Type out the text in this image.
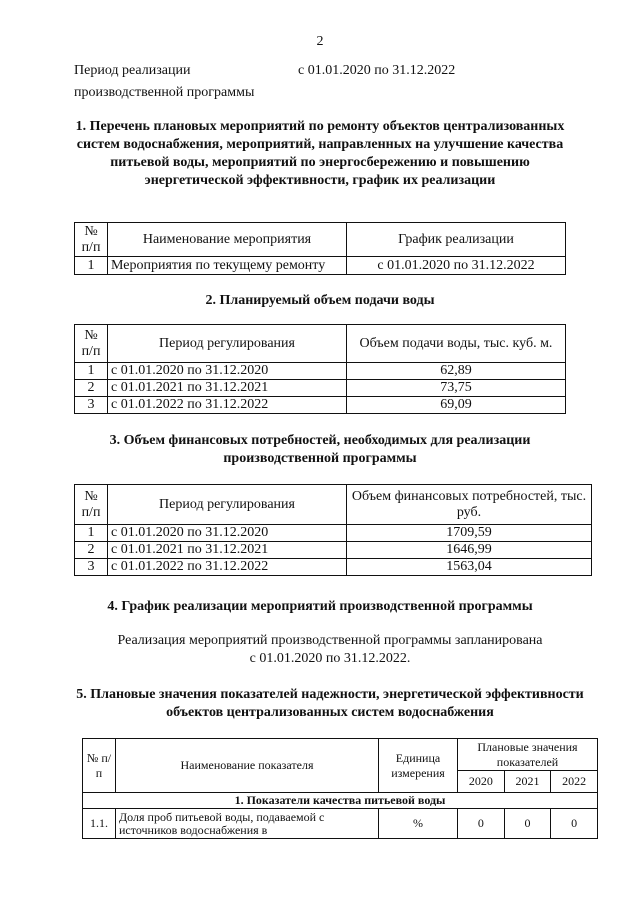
2
Период реализации производственной программы
с 01.01.2020 по 31.12.2022
1. Перечень плановых мероприятий по ремонту объектов централизованных систем водоснабжения, мероприятий, направленных на улучшение качества питьевой воды, мероприятий по энергосбережению и повышению энергетической эффективности, график их реализации
№ п/п	Наименование мероприятия	График реализации
1	Мероприятия по текущему ремонту	с 01.01.2020 по 31.12.2022
2. Планируемый объем подачи воды
№ п/п	Период регулирования	Объем подачи воды, тыс. куб. м.
1	с 01.01.2020 по 31.12.2020	62,89
2	с 01.01.2021 по 31.12.2021	73,75
3	с 01.01.2022 по 31.12.2022	69,09
3. Объем финансовых потребностей, необходимых для реализации производственной программы
№ п/п	Период регулирования	Объем финансовых потребностей, тыс. руб.
1	с 01.01.2020 по 31.12.2020	1709,59
2	с 01.01.2021 по 31.12.2021	1646,99
3	с 01.01.2022 по 31.12.2022	1563,04
4. График реализации мероприятий производственной программы
Реализация мероприятий производственной программы запланирована
с 01.01.2020 по 31.12.2022.
5. Плановые значения показателей надежности, энергетической эффективности объектов централизованных систем водоснабжения
№ п/п	Наименование показателя	Единица измерения	Плановые значения показателей		
			2020	2021	2022
1. Показатели качества питьевой воды					
1.1.	Доля проб питьевой воды, подаваемой с источников водоснабжения в	%	0	0	0
